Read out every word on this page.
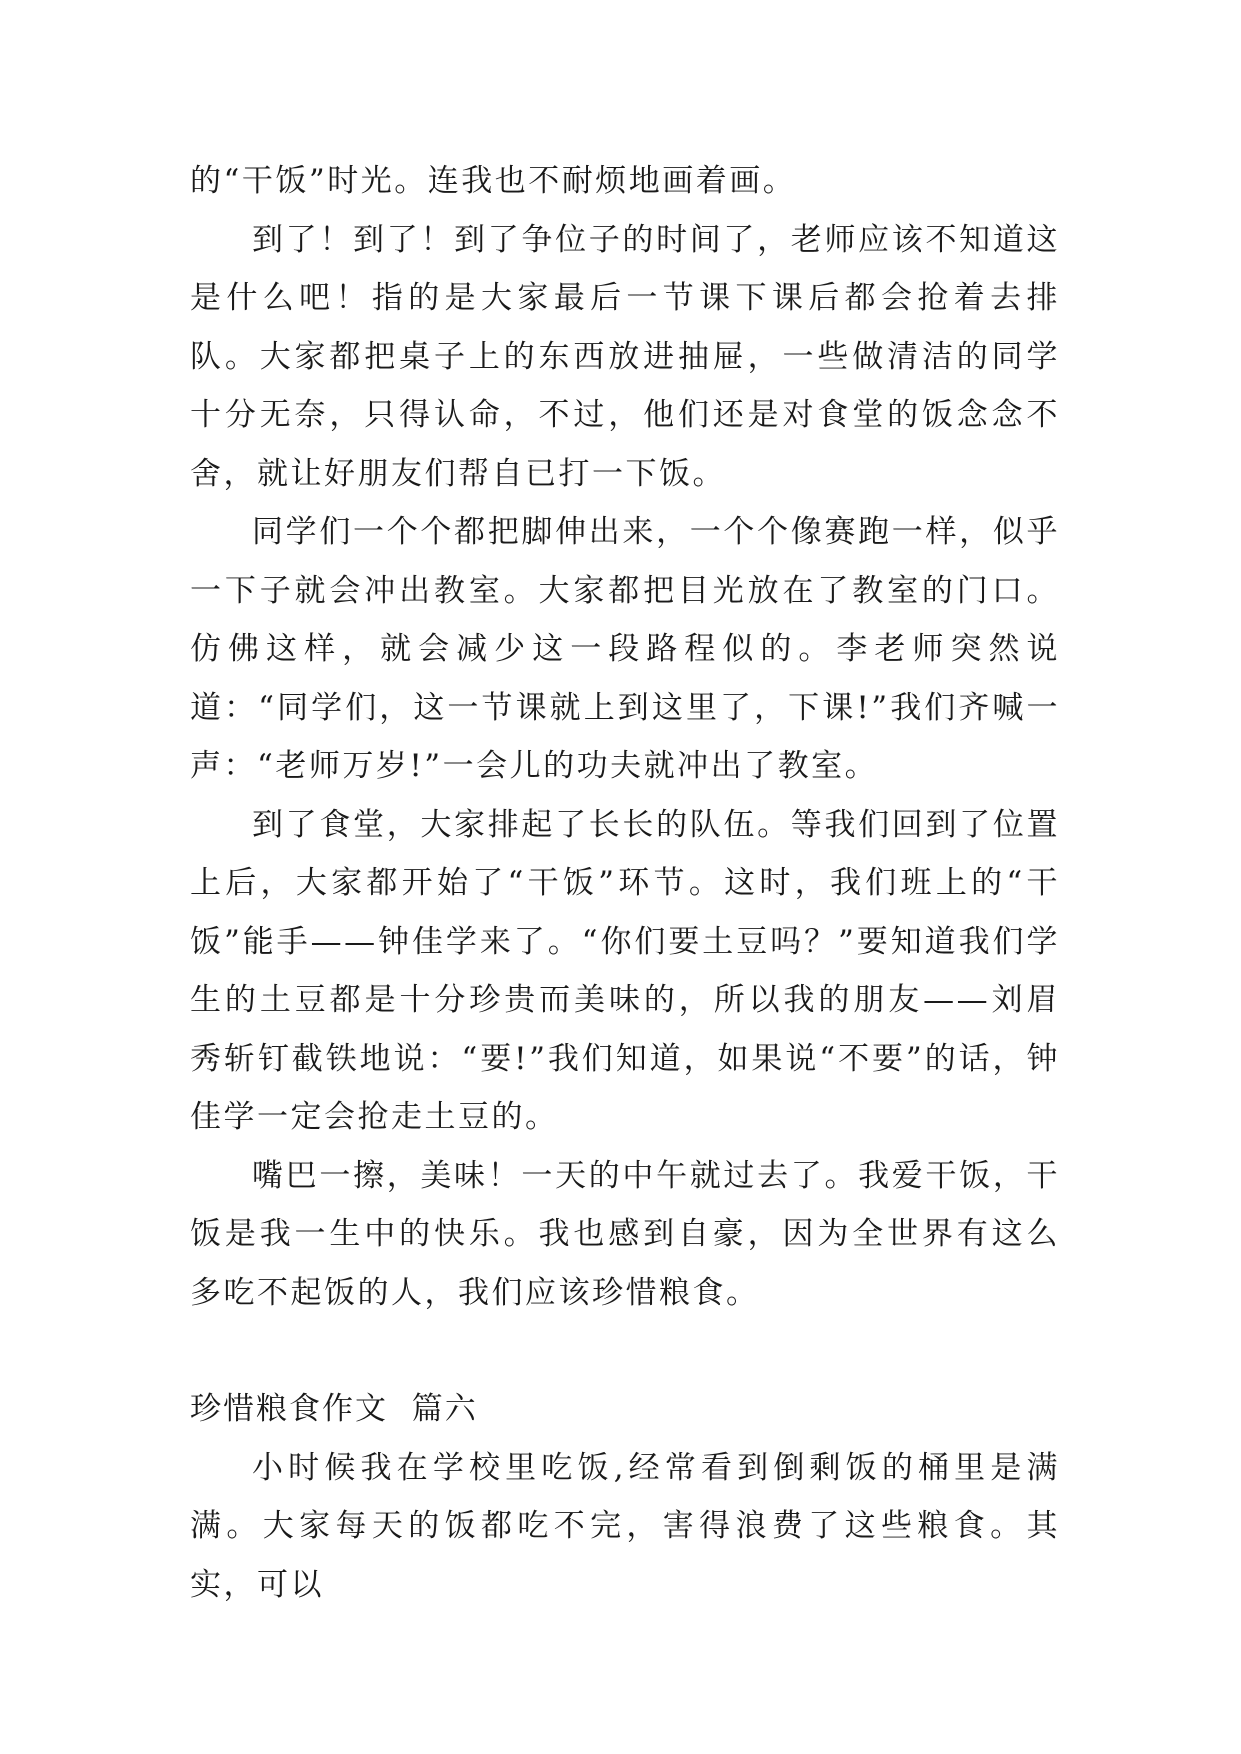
的“干饭”时光。连我也不耐烦地画着画。

到了！到了！到了争位子的时间了，老师应该不知道这是什么吧！指的是大家最后一节课下课后都会抢着去排队。大家都把桌子上的东西放进抽屉，一些做清洁的同学十分无奈，只得认命，不过，他们还是对食堂的饭念念不舍，就让好朋友们帮自已打一下饭。

同学们一个个都把脚伸出来，一个个像赛跑一样，似乎一下子就会冲出教室。大家都把目光放在了教室的门口。仿佛这样，就会减少这一段路程似的。李老师突然说道：“同学们，这一节课就上到这里了，下课!”我们齐喊一声：“老师万岁!”一会儿的功夫就冲出了教室。

到了食堂，大家排起了长长的队伍。等我们回到了位置上后，大家都开始了“干饭”环节。这时，我们班上的“干饭”能手——钟佳学来了。“你们要土豆吗？”要知道我们学生的土豆都是十分珍贵而美味的，所以我的朋友——刘眉秀斩钉截铁地说：“要!”我们知道，如果说“不要”的话，钟佳学一定会抢走土豆的。

嘴巴一擦，美味！一天的中午就过去了。我爱干饭，干饭是我一生中的快乐。我也感到自豪，因为全世界有这么多吃不起饭的人，我们应该珍惜粮食。

珍惜粮食作文  篇六

小时候我在学校里吃饭,经常看到倒剩饭的桶里是满满。大家每天的饭都吃不完，害得浪费了这些粮食。其实，可以
